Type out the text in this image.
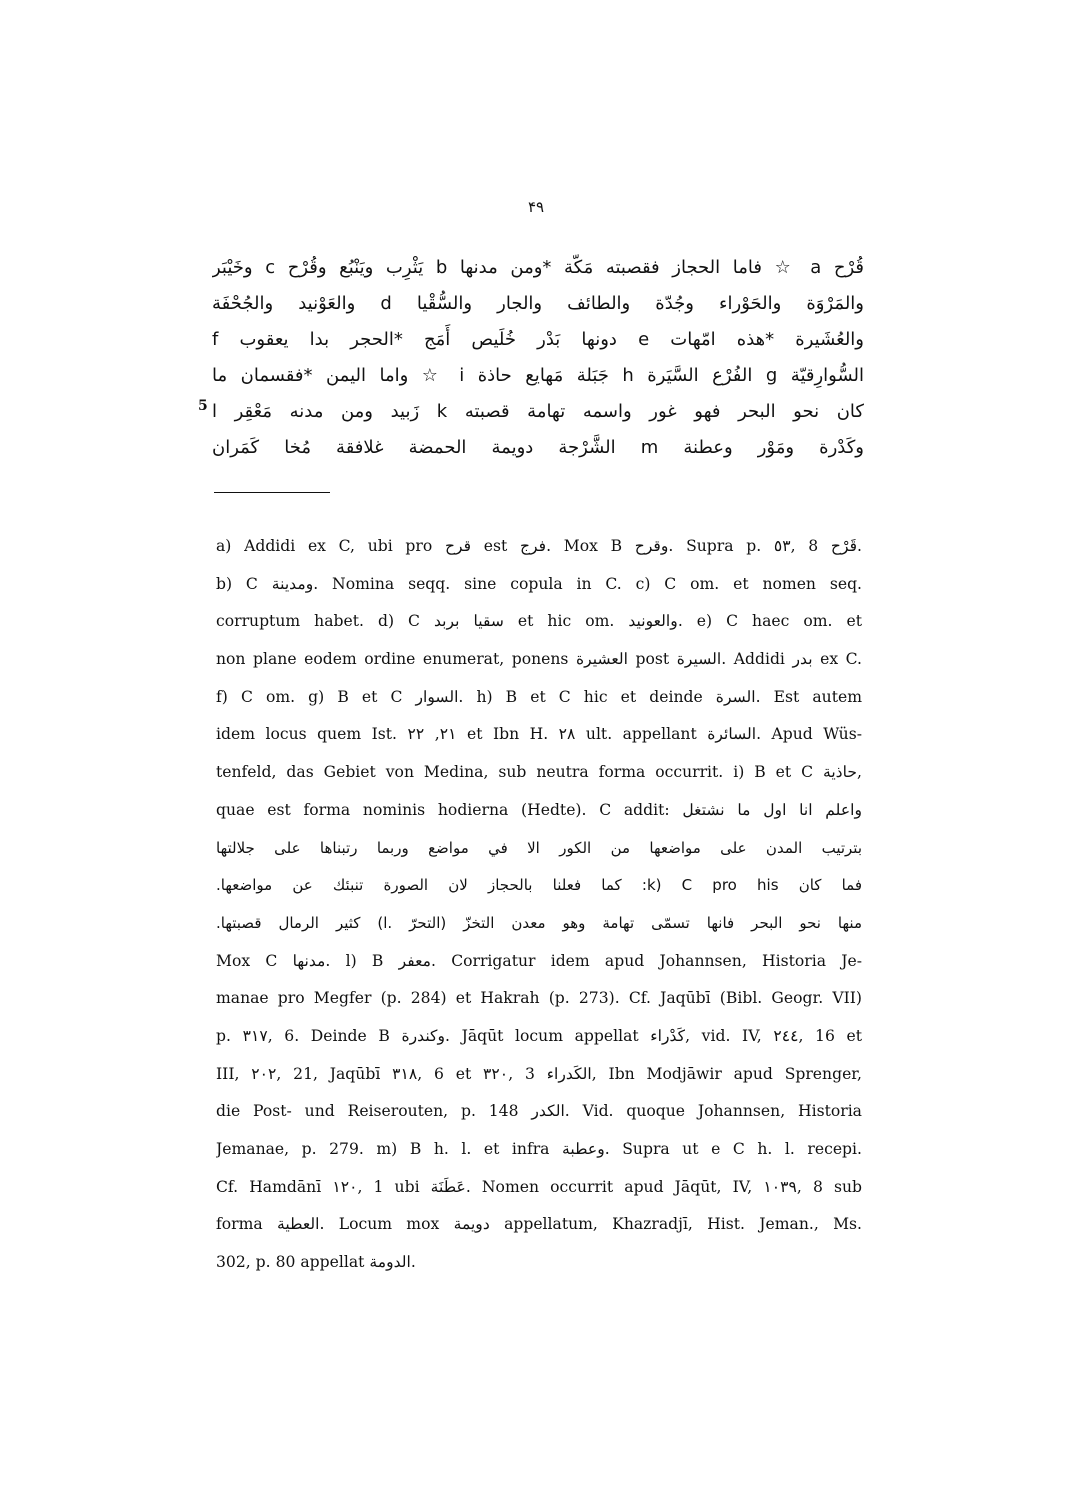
۴۹
قُرْح a ☆ فاما الحجاز فقصبته مَكّة *ومن مدنها b يَثْرِب ويَنْبُع وقُرْح c وخَيْبَر
والمَرْوَة والحَوْراء وجُدّة والطائف والجار والسُّقْيا d والعَوْنيد والجُحْفَة
والعُشَيرة *هذه امّهات e دونها بَدْر خُلَيص أَمَج *الحجر بدا يعقوب f
السُّوارِقيّة g الفُرْع السَّيَرة h جَبَلة مَهايع حاذة i ☆ واما اليمن *فقسمان ما
كان نحو البحر فهو غور واسمه تهامة قصبته k زَبيد ومن مدنه مَعْقِر l
وكَدْرة ومَوْر وعطنة m الشَّرْجة دويمة الحمضة غلافقة مُخا كَمَران
5
a) Addidi ex C, ubi pro قرح est فرج. Mox B وقرح. Supra p. ٥٣, 8 قَرْح.
b) C ومدينة. Nomina seqq. sine copula in C. c) C om. et nomen seq.
corruptum habet. d) C سقيا بربد et hic om. والعونيد. e) C haec om. et
non plane eodem ordine enumerat, ponens العشيرة post السيرة. Addidi بدر ex C.
f) C om. g) B et C السوار. h) B et C hic et deinde السرة. Est autem
idem locus quem Ist. ٢١, ٢٢ et Ibn H. ٢٨ ult. appellant السائرة. Apud Wüs-
tenfeld, das Gebiet von Medina, sub neutra forma occurrit. i) B et C حاذية,
quae est forma nominis hodierna (Hedte). C addit: واعلم انا اول ما نشتغل
بترتيب المدن على مواضعها من الكور الا في مواضع وربما رتبناها على جلالتها
فما كان k) C pro his: كما فعلنا بالحجاز لان الصورة تنبئك عن مواضعها.
منها نحو البحر فانها تسمّى تهامة وهو معدن التخزّ (التحرّ .l) كثير الرمال قصبتها.
Mox C مدنها. l) B معفر. Corrigatur idem apud Johannsen, Historia Je-
manae pro Megfer (p. 284) et Hakrah (p. 273). Cf. Jaqūbī (Bibl. Geogr. VII)
p. ٣١٧, 6. Deinde B وكندرة. Jāqūt locum appellat كَدْراء, vid. IV, ٢٤٤, 16 et
III, ٢٠٢, 21, Jaqūbī ٣١٨, 6 et ٣٢٠, 3 الكَدراء, Ibn Modjāwir apud Sprenger,
die Post- und Reiserouten, p. 148 الكدر. Vid. quoque Johannsen, Historia
Jemanae, p. 279. m) B h. l. et infra وعطبة. Supra ut e C h. l. recepi.
Cf. Hamdānī ١٢٠, 1 ubi عَطَنَة. Nomen occurrit apud Jāqūt, IV, ١٠٣٩, 8 sub
forma العطية. Locum mox دويمة appellatum, Khazradjī, Hist. Jeman., Ms.
302, p. 80 appellat الدومة.
